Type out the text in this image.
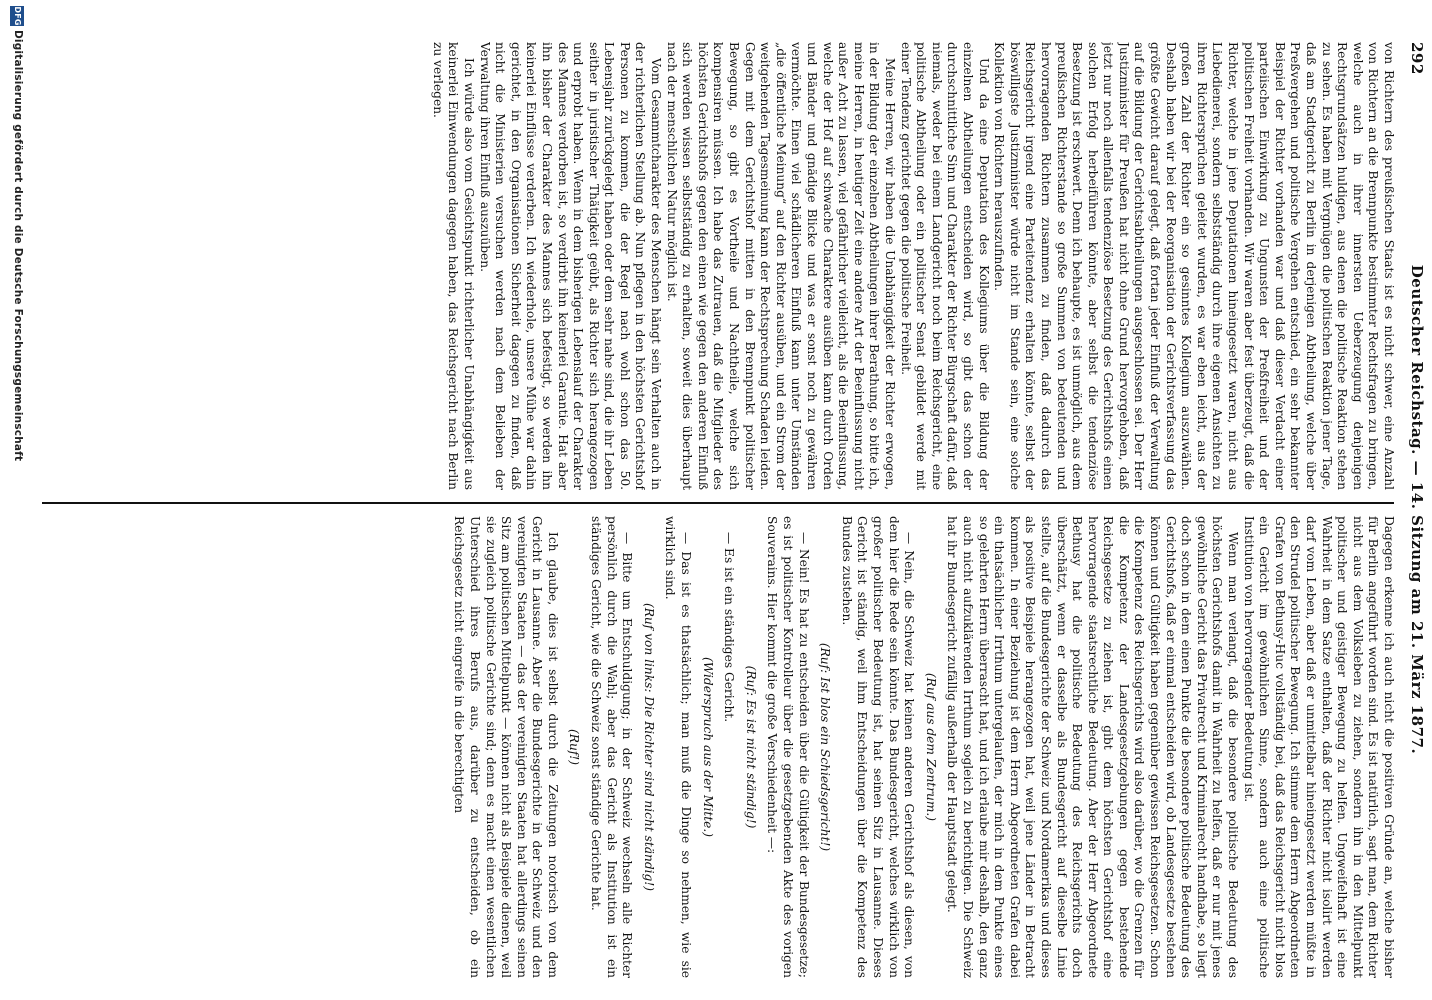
292
Deutscher Reichstag. — 14. Sitzung am 21. März 1877.

von Richtern des preußischen Staats ist es nicht schwer, eine Anzahl von Richtern an die Brennpunkte bestimmter Rechtsfragen zu bringen, welche auch in ihrer innersten Ueberzeugung denjenigen Rechtsgrundsätzen huldigen, aus denen die politische Reaktion stehen zu sehen. Es haben mit Vergnügen die politischen Reaktion jener Tage, daß am Stadtgericht zu Berlin in derjenigen Abtheilung, welche über Preßvergehen und politische Vergehen entschied, ein sehr bekannter Beispiel der Richter vorhanden war und daß dieser Verdacht einer parteiischen Einwirkung zu Ungunsten der Preßfreiheit und der politischen Freiheit vorhanden. Wir waren aber fest überzeugt, daß die Richter, welche in jene Deputationen hineingesetzt waren, nicht aus Liebedienerei, sondern selbstständig durch ihre eigenen Ansichten zu ihren Richtersprüchen geleitet wurden, es war eben leicht, aus der großen Zahl der Richter ein so gesinntes Kollegium auszuwählen. Deshalb haben wir bei der Reorganisation der Gerichtsverfassung das größte Gewicht darauf gelegt, daß fortan jeder Einfluß der Verwaltung auf die Bildung der Gerichtsabtheilungen ausgeschlossen sei. Der Herr Justizminister für Preußen hat nicht ohne Grund hervorgehoben, daß jetzt nur noch allenfalls tendenziöse Besetzung des Gerichtshofs einen solchen Erfolg herbeiführen könnte, aber selbst die tendenziöse Besetzung ist erschwert. Denn ich behaupte, es ist unmöglich, aus dem preußischen Richterstande so große Summen von bedeutenden und hervorragenden Richtern zusammen zu finden, daß dadurch das Reichsgericht irgend eine Parteitendenz erhalten könnte, selbst der böswilligste Justizminister würde nicht im Stande sein, eine solche Kollektion von Richtern herauszufinden.

Und da eine Deputation des Kollegiums über die Bildung der einzelnen Abtheilungen entscheiden wird, so gibt das schon der durchschnittliche Sinn und Charakter der Richter Bürgschaft dafür, daß niemals, weder bei einem Landgericht noch beim Reichsgericht, eine politische Abtheilung oder ein politischer Senat gebildet werde mit einer Tendenz gerichtet gegen die politische Freiheit.

Meine Herren, wir haben die Unabhängigkeit der Richter erwogen, in der Bildung der einzelnen Abtheilungen ihrer Berathung, so bitte ich, meine Herren, in heutiger Zeit eine andere Art der Beeinflussung nicht außer Acht zu lassen, viel gefährlicher vielleicht, als die Beeinflussung, welche der Hof auf schwache Charaktere ausüben kann durch Orden und Bänder und gnädige Blicke und was er sonst noch zu gewähren vermöchte. Einen viel schädlicheren Einfluß kann unter Umständen „die öffentliche Meinung“ auf den Richter ausüben, und ein Strom der weitgehenden Tagesmeinung kann der Rechtsprechung Schaden leiden. Gegen mit dem Gerichtshof mitten in den Brennpunkt politischer Bewegung, so gibt es Vortheile und Nachtheile, welche sich kompensiren müssen. Ich habe das Zutrauen, daß die Mitglieder des höchsten Gerichtshofs gegen den einen wie gegen den anderen Einfluß sich werden wissen selbstständig zu erhalten, soweit dies überhaupt nach der menschlichen Natur möglich ist.

Vom Gesammtcharakter des Menschen hängt sein Verhalten auch in der richterlichen Stellung ab. Nun pflegen in den höchsten Gerichtshof Personen zu kommen, die der Regel nach wohl schon das 50. Lebensjahr zurückgelegt haben oder dem sehr nahe sind, die ihr Leben seither in juristischer Thätigkeit geübt, als Richter sich herangezogen und erprobt haben. Wenn in dem bisherigen Lebenslauf der Charakter des Mannes verdorben ist, so verdirbt ihn keinerlei Garantie. Hat aber ihn bisher der Charakter des Mannes sich befestigt, so werden ihn keinerlei Einflüsse verderben. Ich wiederhole, unsere Mühe war dahin gerichtet, in den Organisationen Sicherheit dagegen zu finden, daß nicht die Ministerien versuchen werden nach dem Belieben der Verwaltung ihren Einfluß auszuüben.

Ich würde also vom Gesichtspunkt richterlicher Unabhängigkeit aus keinerlei Einwendungen dagegen haben, das Reichsgericht nach Berlin zu verlegen.

Dagegen erkenne ich auch nicht die positiven Gründe an, welche bisher für Berlin angeführt worden sind. Es ist natürlich, sagt man, dem Richter nicht aus dem Volksleben zu ziehen, sondern ihn in den Mittelpunkt politischer und geistiger Bewegung zu helfen. Ungweifelhaft ist eine Wahrheit in dem Satze enthalten, daß der Richter nicht isolirt werden darf vom Leben, aber daß er unmittelbar hineingesetzt werden müßte in den Strudel politischer Bewegung. Ich stimme dem Herrn Abgeordneten Grafen von Bethusy-Huc vollständig bei, daß das Reichsgericht nicht blos ein Gericht im gewöhnlichen Sinne, sondern auch eine politische Institution von hervorragender Bedeutung ist.

Wenn man verlangt, daß die besondere politische Bedeutung des höchsten Gerichtshofs damit in Wahrheit zu helfen, daß er nur mit jenes gewöhnliche Gericht das Privatrecht und Kriminalrecht handhabe, so liegt doch schon in dem einen Punkte die besondere politische Bedeutung des Gerichtshofs, daß er einmal entscheiden wird, ob Landesgesetze bestehen können und Gültigkeit haben gegenüber gewissen Reichsgesetzen. Schon die Kompetenz des Reichsgerichts wird also darüber, wo die Grenzen für die Kompetenz der Landesgesetzgebungen gegen bestehende Reichsgesetze zu ziehen ist, gibt dem höchsten Gerichtshof eine hervorragende staatsrechtliche Bedeutung. Aber der Herr Abgeordnete Bethusy hat die politische Bedeutung des Reichsgerichts doch überschätzt, wenn er dasselbe als Bundesgericht auf dieselbe Linie stellte, auf die Bundesgerichte der Schweiz und Nordamerikas und dieses als positive Beispiele herangezogen hat, weil jene Länder in Betracht kommen. In einer Beziehung ist dem Herrn Abgeordneten Grafen dabei ein thatsächlicher Irrthum untergelaufen, der mich in dem Punkte eines so gelehrten Herrn überrascht hat, und ich erlaube mir deshalb, den ganz auch nicht aufzuklärenden Irrthum sogleich zu berichtigen. Die Schweiz hat ihr Bundesgericht zufällig außerhalb der Hauptstadt gelegt.

(Ruf aus dem Zentrum.)

— Nein, die Schweiz hat keinen anderen Gerichtshof als diesen, von dem hier die Rede sein könnte. Das Bundesgericht, welches wirklich von großer politischer Bedeutung ist, hat seinen Sitz in Lausanne. Dieses Gericht ist ständig, weil ihm Entscheidungen über die Kompetenz des Bundes zustehen.

(Ruf: Ist blos ein Schiedsgericht!)

— Nein! Es hat zu entscheiden über die Gültigkeit der Bundesgesetze; es ist politischer Kontrolleur über die gesetzgebenden Akte des vorigen Souverains. Hier kommt die große Verschiedenheit —:

(Ruf: Es ist nicht ständig!)

— Es ist ein ständiges Gericht.

(Widerspruch aus der Mitte.)

— Das ist es thatsächlich; man muß die Dinge so nehmen, wie sie wirklich sind.

(Ruf von links: Die Richter sind nicht ständig!)

— Bitte um Entschuldigung; in der Schweiz wechseln alle Richter persönlich durch die Wahl; aber das Gericht als Institution ist ein ständiges Gericht, wie die Schweiz sonst ständige Gerichte hat.

(Ruf!)

Ich glaube, dies ist selbst durch die Zeitungen notorisch von dem Gericht in Lausanne. Aber die Bundesgerichte in der Schweiz und den vereinigten Staaten — das der vereinigten Staaten hat allerdings seinen Sitz am politischen Mittelpunkt — können nicht als Beispiele dienen, weil sie zugleich politische Gerichte sind; denn es macht einen wesentlichen Unterschied ihres Berufs aus, darüber zu entscheiden, ob ein Reichsgesetz nicht eingreife in die berechtigten

DFG
Digitalisierung gefördert durch die Deutsche Forschungsgemeinschaft
